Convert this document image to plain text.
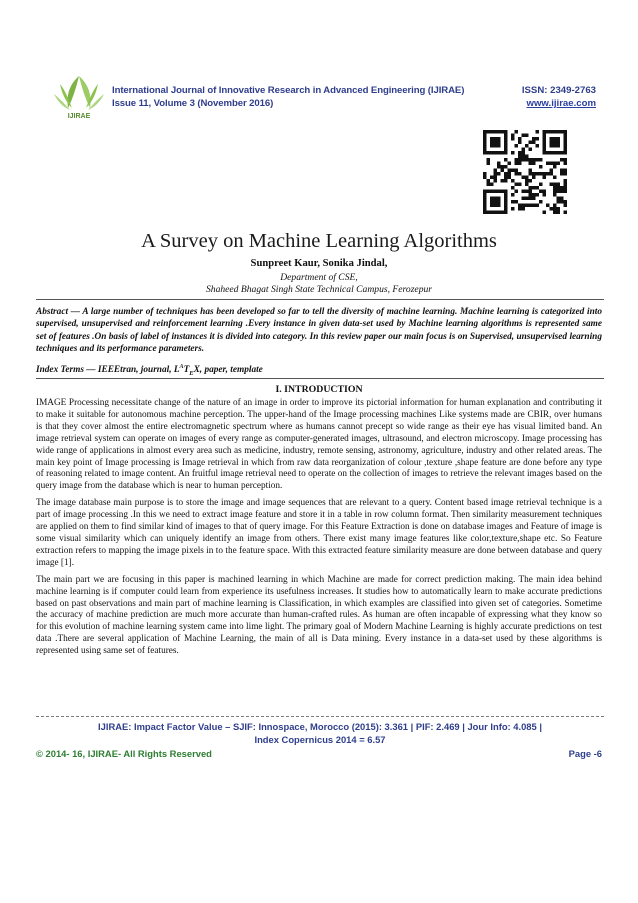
IJIRAE
International Journal of Innovative Research in Advanced Engineering (IJIRAE)
Issue 11, Volume 3 (November 2016)
ISSN: 2349-2763
www.ijirae.com
A Survey on Machine Learning Algorithms
Sunpreet Kaur, Sonika Jindal,
Department of CSE,
Shaheed Bhagat Singh State Technical Campus, Ferozepur
Abstract — A large number of techniques has been developed so far to tell the diversity of machine learning. Machine learning is categorized into supervised, unsupervised and reinforcement learning .Every instance in given data-set used by Machine learning algorithms is represented same set of features .On basis of label of instances it is divided into category. In this review paper our main focus is on Supervised, unsupervised learning techniques and its performance parameters.
Index Terms — IEEEtran, journal, $L^AT_EX$, paper, template
I. INTRODUCTION

IMAGE Processing necessitate change of the nature of an image in order to improve its pictorial information for human explanation and contributing it to make it suitable for autonomous machine perception. The upper-hand of the Image processing machines Like systems made are CBIR, over humans is that they cover almost the entire electromagnetic spectrum where as humans cannot precept so wide range as their eye has visual limited band. An image retrieval system can operate on images of every range as computer-generated images, ultrasound, and electron microscopy. Image processing has wide range of applications in almost every area such as medicine, industry, remote sensing, astronomy, agriculture, industry and other related areas. The main key point of Image processing is Image retrieval in which from raw data reorganization of colour ,texture ,shape feature are done before any type of reasoning related to image content. An fruitful image retrieval need to operate on the collection of images to retrieve the relevant images based on the query image from the database which is near to human perception.

The image database main purpose is to store the image and image sequences that are relevant to a query. Content based image retrieval technique is a part of image processing .In this we need to extract image feature and store it in a table in row column format. Then similarity measurement techniques are applied on them to find similar kind of images to that of query image. For this Feature Extraction is done on database images and Feature of image is some visual similarity which can uniquely identify an image from others. There exist many image features like color,texture,shape etc. So Feature extraction refers to mapping the image pixels in to the feature space. With this extracted feature similarity measure are done between database and query image [1].

The main part we are focusing in this paper is machined learning in which Machine are made for correct prediction making. The main idea behind machine learning is if computer could learn from experience its usefulness increases. It studies how to automatically learn to make accurate predictions based on past observations and main part of machine learning is Classification, in which examples are classified into given set of categories. Sometime the accuracy of machine prediction are much more accurate than human-crafted rules. As human are often incapable of expressing what they know so for this evolution of machine learning system came into lime light. The primary goal of Modern Machine Learning is highly accurate predictions on test data .There are several application of Machine Learning, the main of all is Data mining. Every instance in a data-set used by these algorithms is represented using same set of features.

IJIRAE: Impact Factor Value – SJIF: Innospace, Morocco (2015): 3.361 | PIF: 2.469 | Jour Info: 4.085 |
Index Copernicus 2014 = 6.57
© 2014- 16, IJIRAE- All Rights Reserved	Page -6
